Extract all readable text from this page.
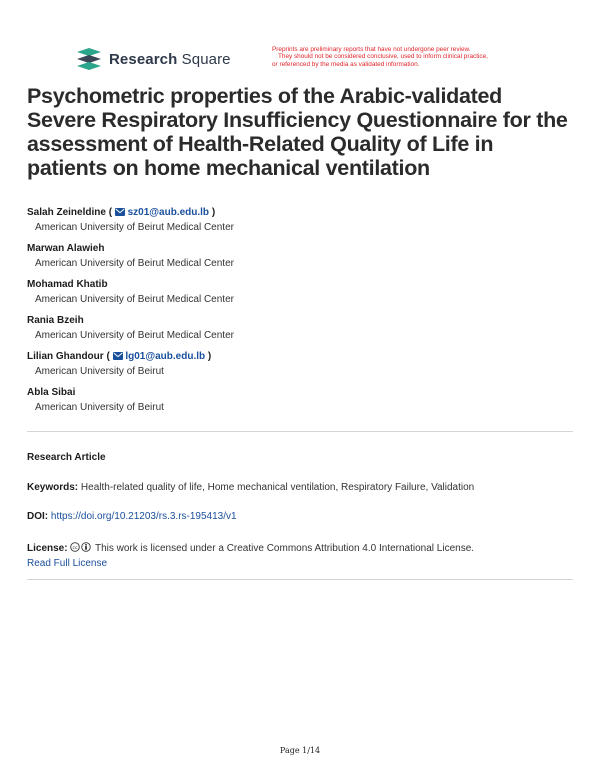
Research Square
Preprints are preliminary reports that have not undergone peer review.
They should not be considered conclusive, used to inform clinical practice,
or referenced by the media as validated information.
Psychometric properties of the Arabic-validated Severe Respiratory Insufficiency Questionnaire for the assessment of Health-Related Quality of Life in patients on home mechanical ventilation
Salah Zeineldine (  sz01@aub.edu.lb )
American University of Beirut Medical Center
Marwan Alawieh
American University of Beirut Medical Center
Mohamad Khatib
American University of Beirut Medical Center
Rania Bzeih
American University of Beirut Medical Center
Lilian Ghandour (  lg01@aub.edu.lb )
American University of Beirut
Abla Sibai
American University of Beirut
Research Article
Keywords: Health-related quality of life, Home mechanical ventilation, Respiratory Failure, Validation
DOI: https://doi.org/10.21203/rs.3.rs-195413/v1
License: cc This work is licensed under a Creative Commons Attribution 4.0 International License.
Read Full License
Page 1/14
